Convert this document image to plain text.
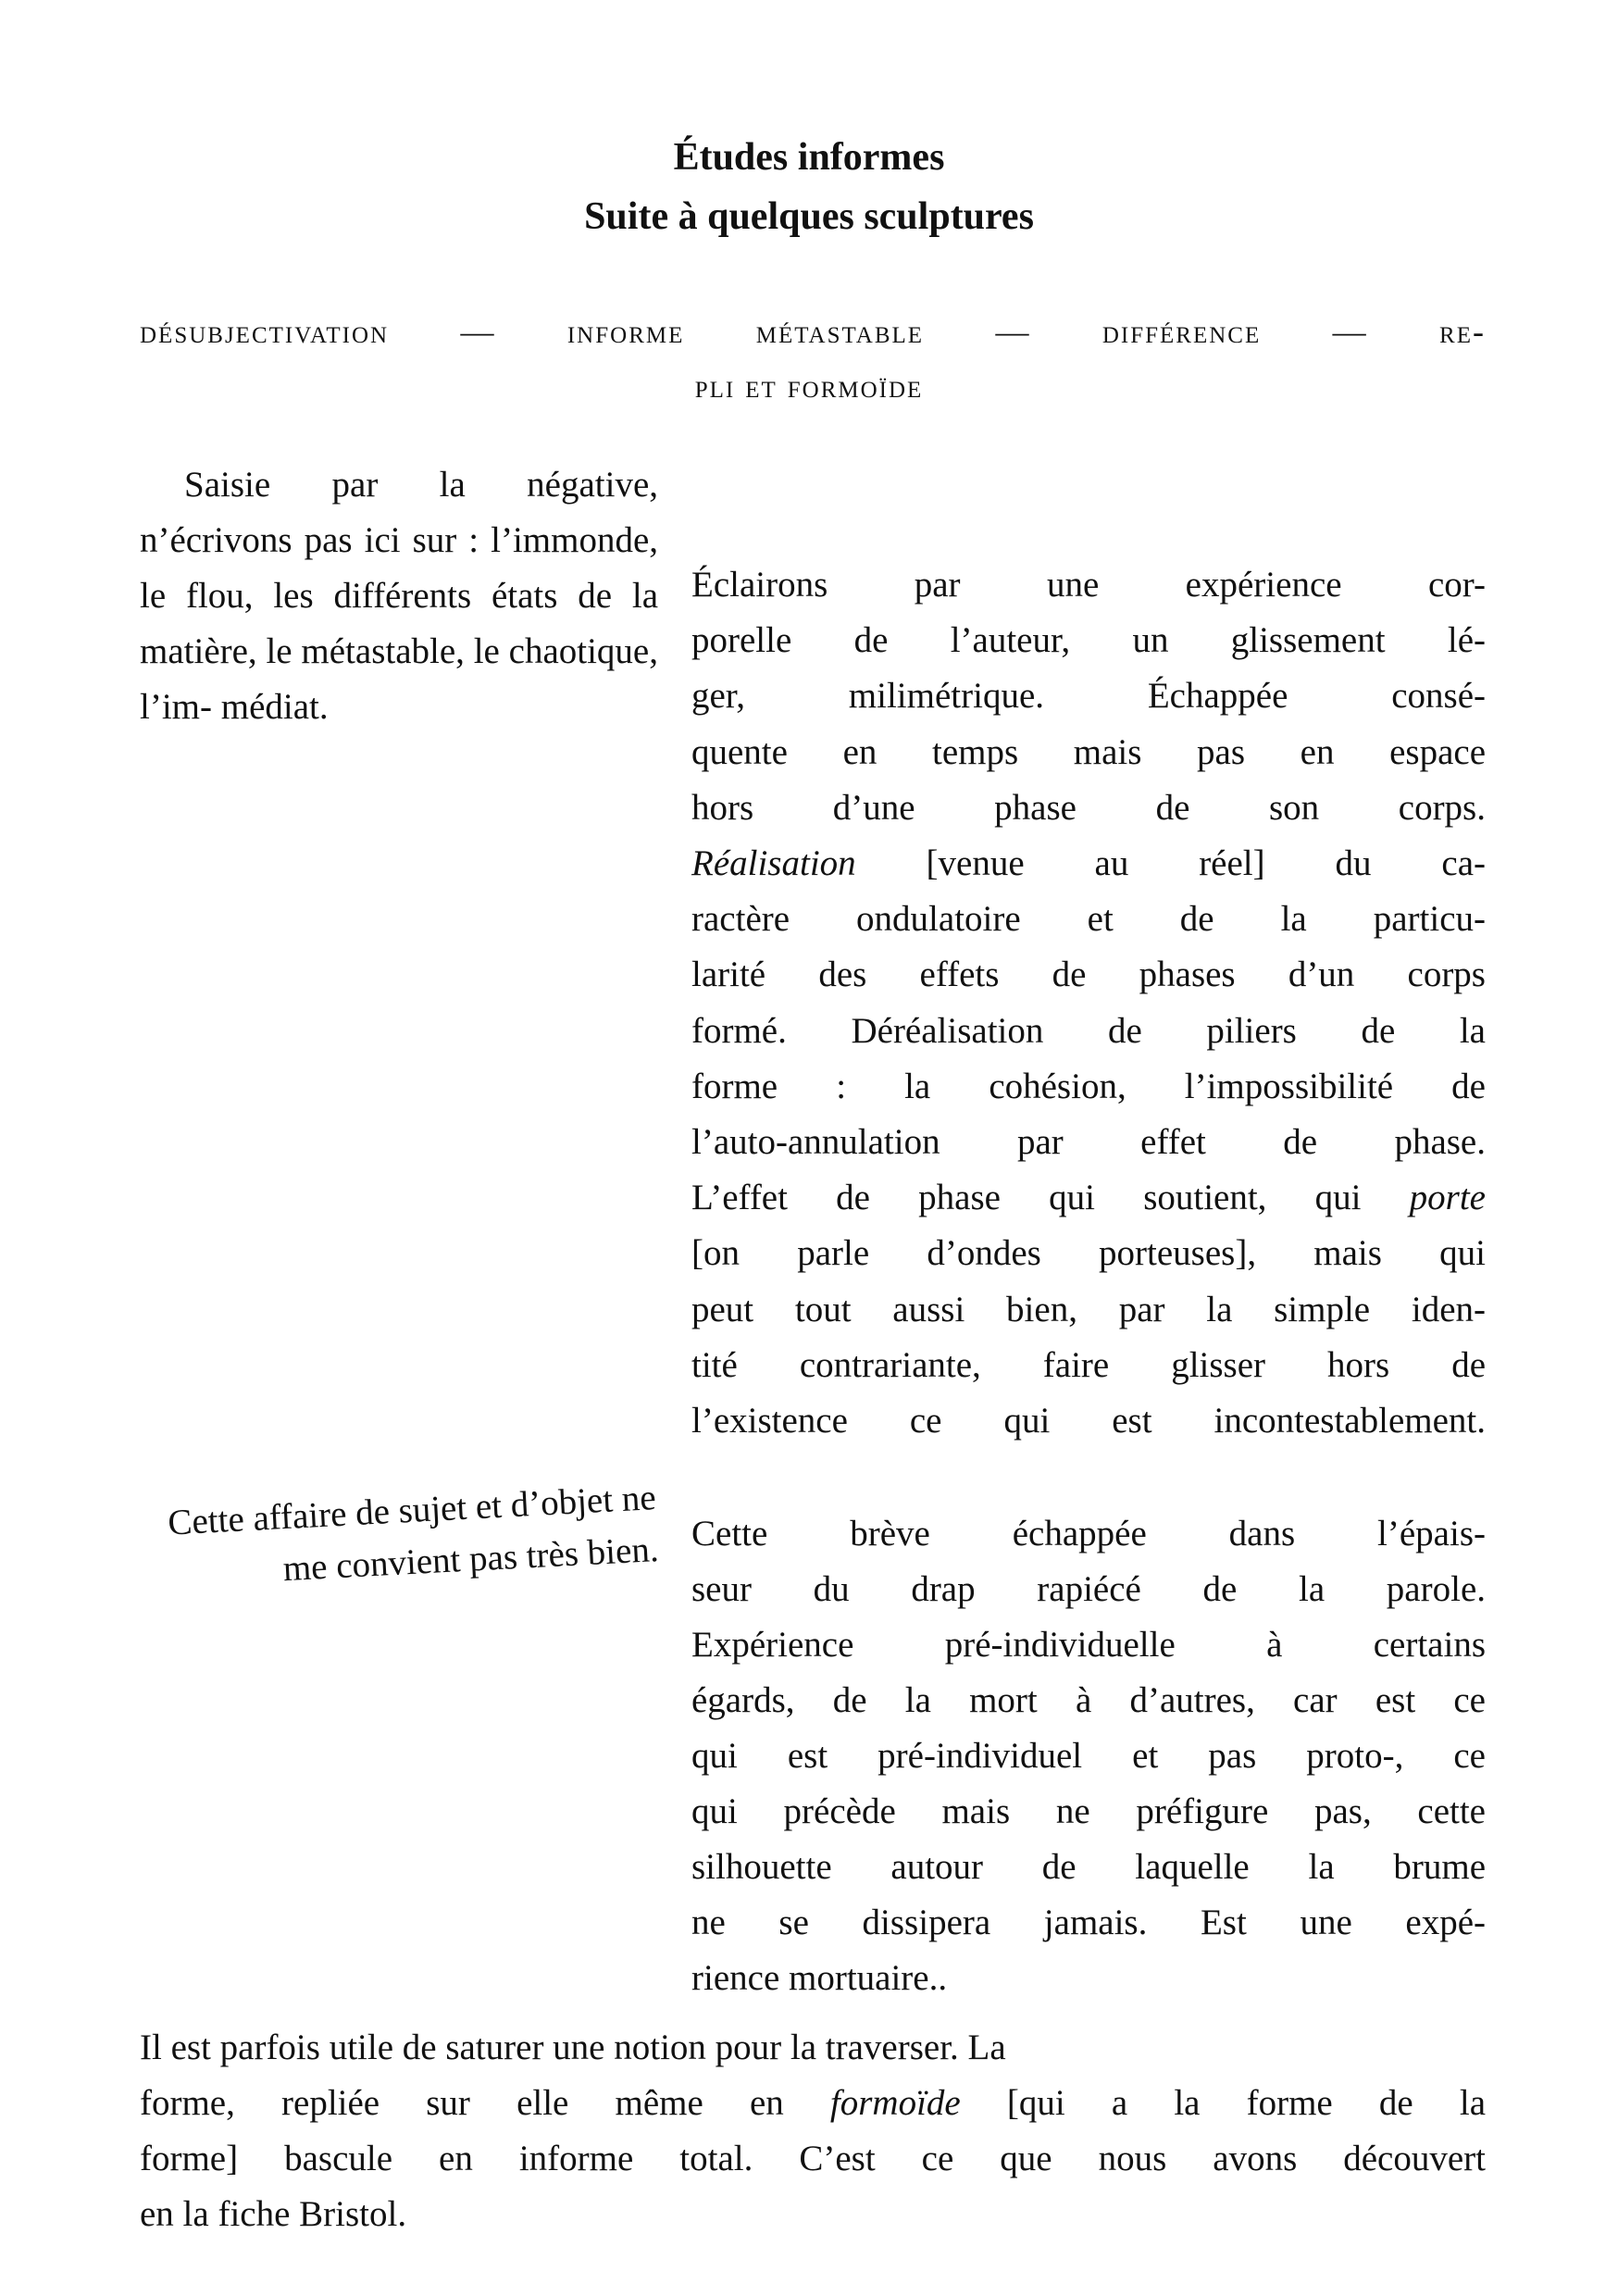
Études informes
Suite à quelques sculptures
désubjectivation — informe métastable — différence — re-
pli et formoïde
Saisie par la négative, n’écrivons pas ici sur : l’immonde, le flou, les différents états de la matière, le métastable, le chaotique, l’im- médiat.
Éclairons par une expérience cor-
porelle de l’auteur, un glissement lé-
ger, milimétrique. Échappée consé-
quente en temps mais pas en espace
hors d’une phase de son corps.
Réalisation [venue au réel] du ca-
ractère ondulatoire et de la particu-
larité des effets de phases d’un corps
formé. Déréalisation de piliers de la
forme : la cohésion, l’impossibilité de
l’auto-annulation par effet de phase.
L’effet de phase qui soutient, qui porte
[on parle d’ondes porteuses], mais qui
peut tout aussi bien, par la simple iden-
tité contrariante, faire glisser hors de
l’existence ce qui est incontestablement.
Cette affaire de sujet et d’objet ne me convient pas très bien. Cette brève échappée dans l’épais-
seur du drap rapiécé de la parole.
Expérience pré-individuelle à certains
égards, de la mort à d’autres, car est ce
qui est pré-individuel et pas proto-, ce
qui précède mais ne préfigure pas, cette
silhouette autour de laquelle la brume
ne se dissipera jamais. Est une expé-
rience mortuaire..
Il est parfois utile de saturer une notion pour la traverser. La
forme, repliée sur elle même en formoïde [qui a la forme de la
forme] bascule en informe total. C’est ce que nous avons découvert
en la fiche Bristol.
